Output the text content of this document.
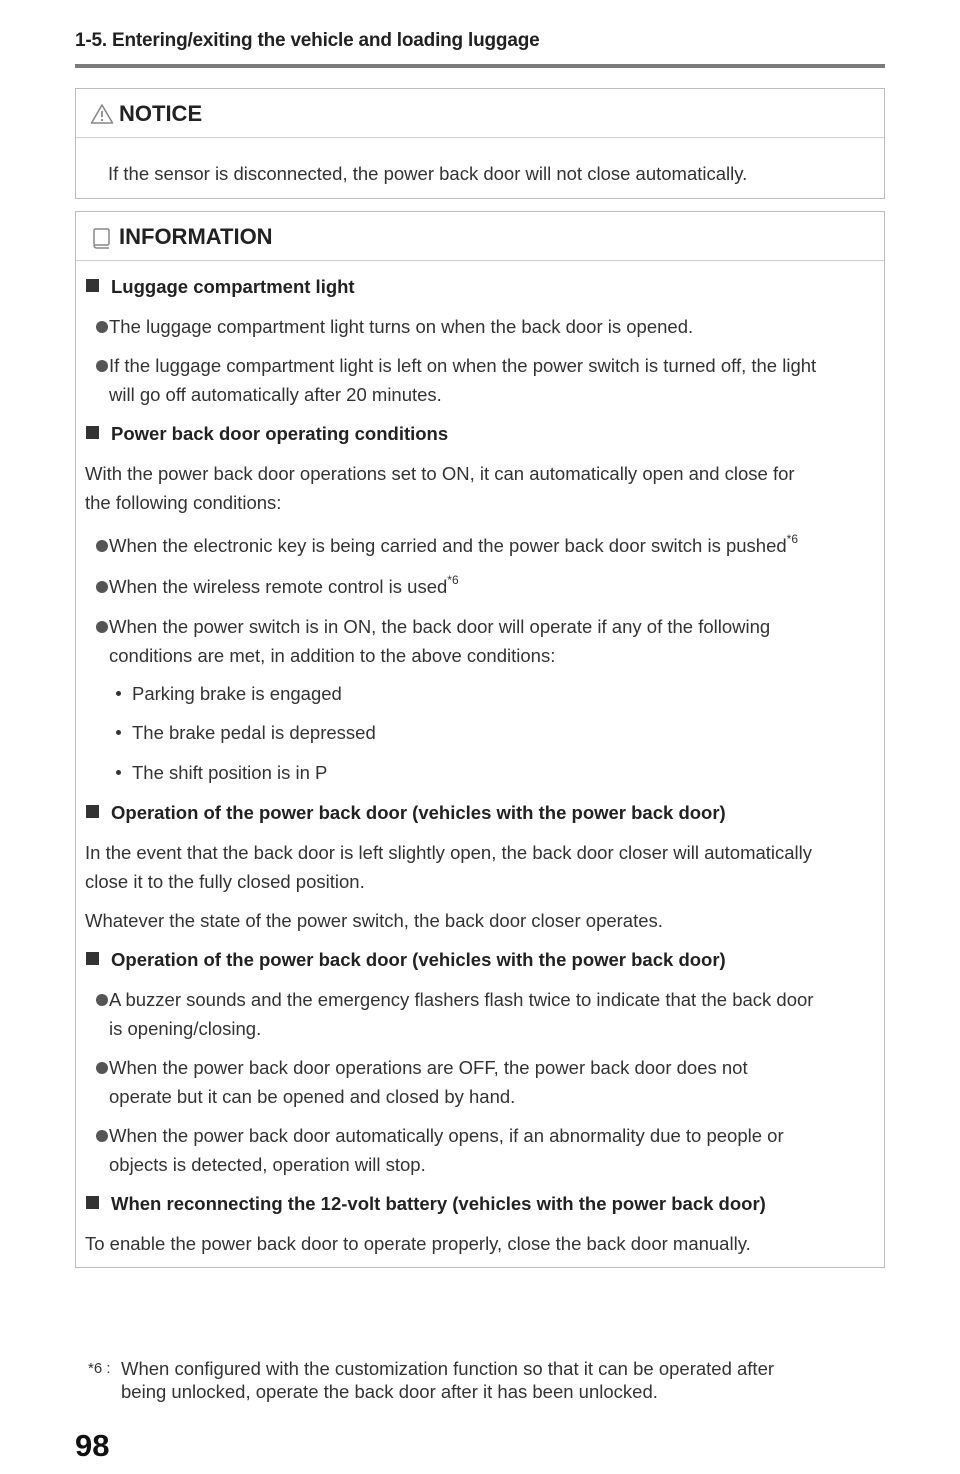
1-5. Entering/exiting the vehicle and loading luggage
NOTICE
If the sensor is disconnected, the power back door will not close automatically.
INFORMATION
Luggage compartment light
The luggage compartment light turns on when the back door is opened.
If the luggage compartment light is left on when the power switch is turned off, the light
will go off automatically after 20 minutes.
Power back door operating conditions
With the power back door operations set to ON, it can automatically open and close for
the following conditions:
When the electronic key is being carried and the power back door switch is pushed$^{*6}$
When the wireless remote control is used$^{*6}$
When the power switch is in ON, the back door will operate if any of the following
conditions are met, in addition to the above conditions:
Parking brake is engaged
The brake pedal is depressed
The shift position is in P
Operation of the power back door (vehicles with the power back door)
In the event that the back door is left slightly open, the back door closer will automatically
close it to the fully closed position.
Whatever the state of the power switch, the back door closer operates.
Operation of the power back door (vehicles with the power back door)
A buzzer sounds and the emergency flashers flash twice to indicate that the back door
is opening/closing.
When the power back door operations are OFF, the power back door does not
operate but it can be opened and closed by hand.
When the power back door automatically opens, if an abnormality due to people or
objects is detected, operation will stop.
When reconnecting the 12-volt battery (vehicles with the power back door)
To enable the power back door to operate properly, close the back door manually.
*6 : When configured with the customization function so that it can be operated after
being unlocked, operate the back door after it has been unlocked.
98
